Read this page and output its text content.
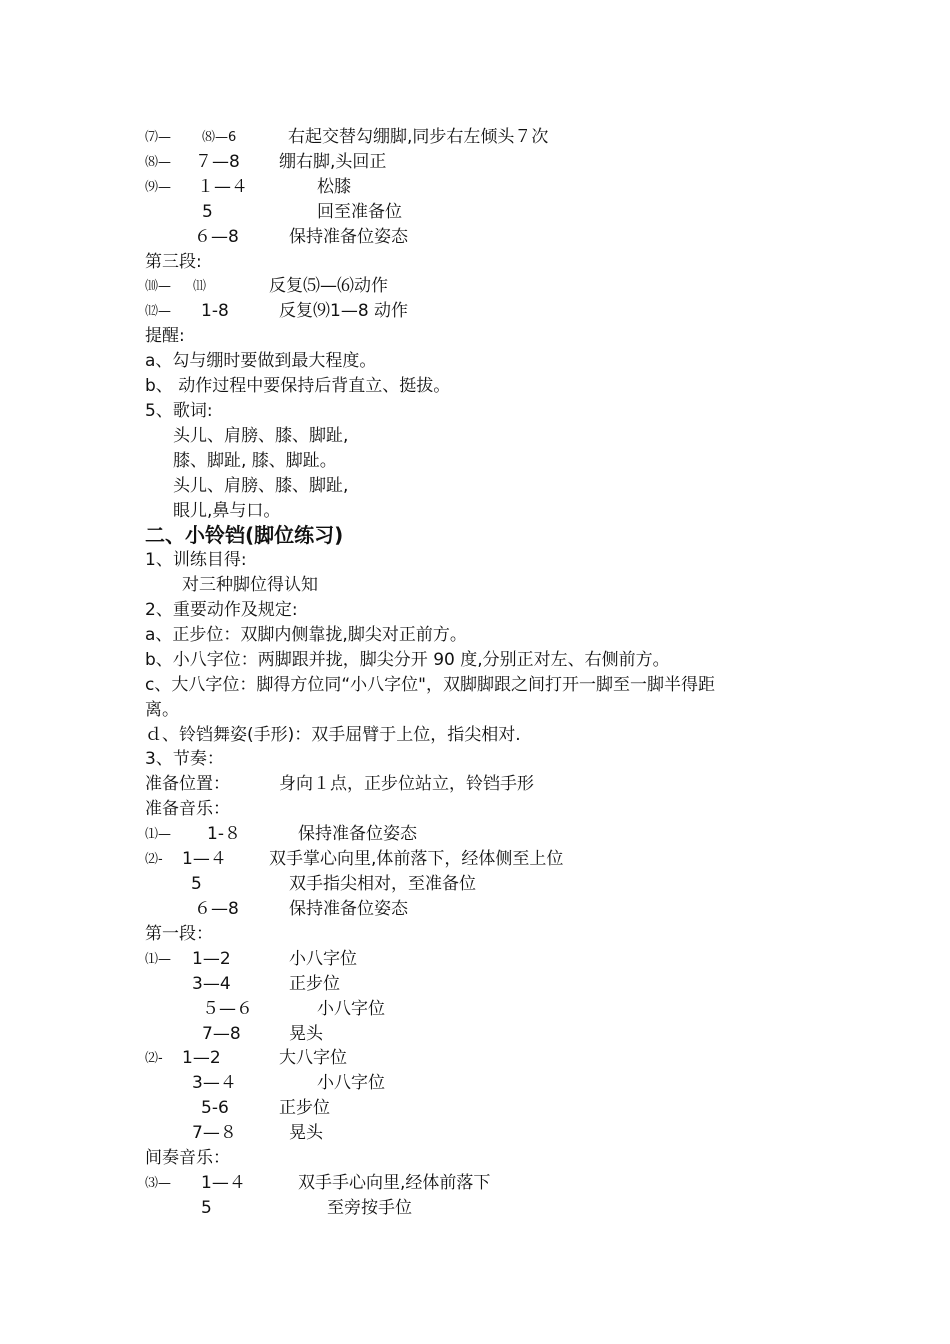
⑺— ⑻—6	右起交替勾绷脚,同步右左倾头７次
⑻— ７—8 绷右脚,头回正
⑼— １—４	松膝
5	回至准备位
６—8	保持准备位姿态
第三段:
⑽— ⑾	反复⑸—⑹动作
⑿— 1-8	反复⑼1—8 动作
提醒:
a、勾与绷时要做到最大程度。
b、 动作过程中要保持后背直立、挺拔。
5、歌词:
头儿、肩膀、膝、脚趾,
膝、脚趾, 膝、脚趾。
头儿、肩膀、膝、脚趾,
眼儿,鼻与口。
二、小铃铛(脚位练习)
1、训练目得:
对三种脚位得认知
2、重要动作及规定:
a、正步位：双脚内侧靠拢,脚尖对正前方。
b、小八字位：两脚跟并拢，脚尖分开 90 度,分别正对左、右侧前方。
c、大八字位：脚得方位同“小八字位"，双脚脚跟之间打开一脚至一脚半得距
离。
ｄ、铃铛舞姿(手形)：双手屈臂于上位，指尖相对.
3、节奏：
准备位置：	身向１点，正步位站立，铃铛手形
准备音乐：
⑴— 1-８	保持准备位姿态
⑵- 1—４ 双手掌心向里,体前落下，经体侧至上位
5	双手指尖相对，至准备位
６—8	保持准备位姿态
第一段：
⑴— 1—2	小八字位
3—4	正步位
５—６	小八字位
7—8	晃头
⑵- 1—2	大八字位
3—４	小八字位
5-6	正步位
7—８	晃头
间奏音乐：
⑶— 1—４	双手手心向里,经体前落下
5	至旁按手位
